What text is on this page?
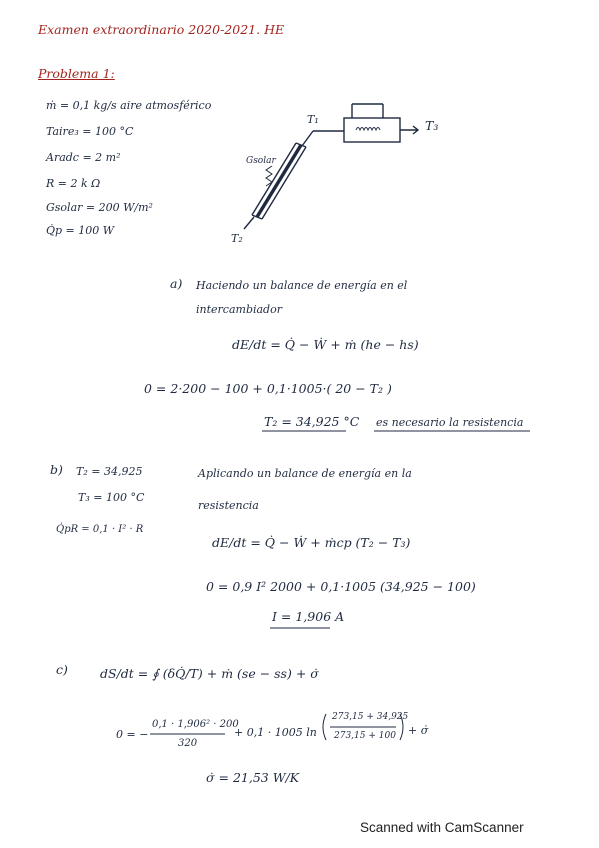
Examen extraordinario 2020-2021. HE
Problema 1:
ṁ = 0,1 kg/s aire atmosférico
Taire₃ = 100 °C
Aradc = 2 m²
R = 2 k Ω
Gsolar = 200 W/m²
Q̇p = 100 W
T₁
T₂
T₃
Gsolar
a) Haciendo un balance de energía en el
intercambiador
dE/dt = Q̇ − Ẇ + ṁ (he − hs)
0 = 2·200 − 100 + 0,1·1005·( 20 − T₂ )
T₂ = 34,925 °C es necesario la resistencia
b) T₂ = 34,925
T₃ = 100 °C
Q̇pR = 0,1 · I² · R
Aplicando un balance de energía en la
resistencia
dE/dt = Q̇ − Ẇ + ṁcp (T₂ − T₃)
0 = 0,9 I² 2000 + 0,1·1005 (34,925 − 100)
I = 1,906 A
c)	dS/dt = ∮ (δQ̇/T) + ṁ (se − ss) + σ̇
0 = −
0,1 · 1,906² · 200
320
+ 0,1 · 1005 ln
273,15 + 34,925
273,15 + 100 + σ̇
σ̇ = 21,53 W/K
Scanned with CamScanner
